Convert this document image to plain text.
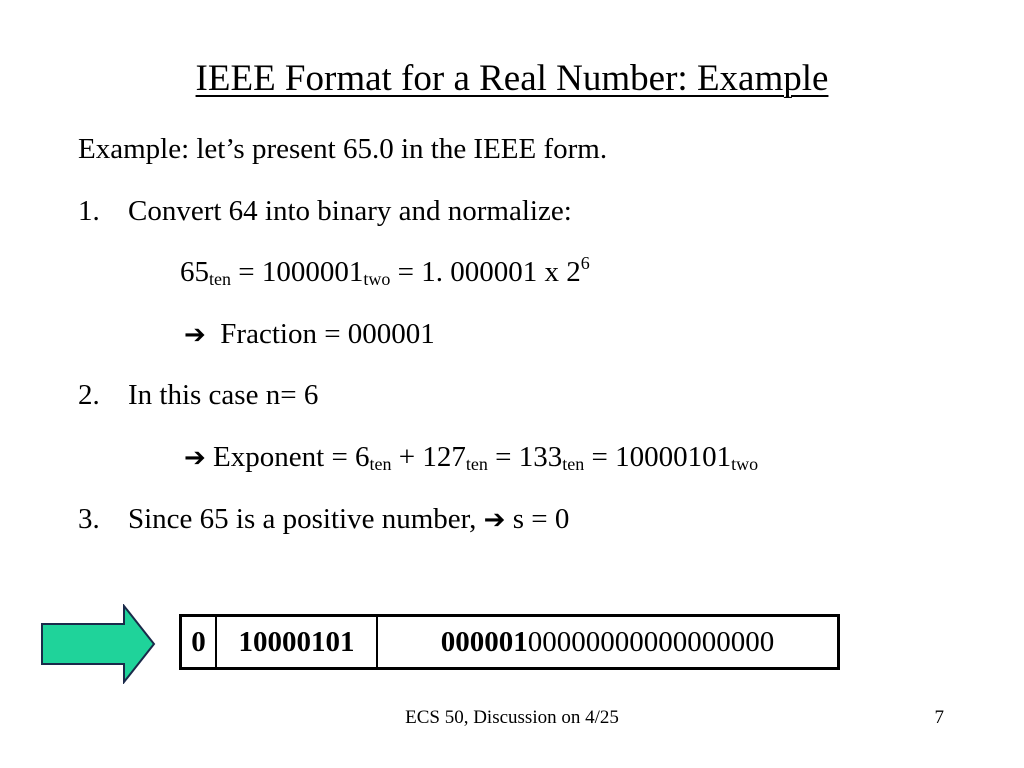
IEEE Format for a Real Number: Example
Example: let’s present 65.0 in the IEEE form.
1. Convert 64 into binary and normalize:
$65_{ten} = 1000001_{two} = 1$. 000001 x $2^6$
➔ Fraction = 000001
2. In this case n= 6
➔ Exponent = $6_{ten} + 127_{ten} = 133_{ten} = 10000101_{two}$
3. Since 65 is a positive number, ➔ s = 0
0	10000101	00000100000000000000000
ECS 50, Discussion on 4/25	7
